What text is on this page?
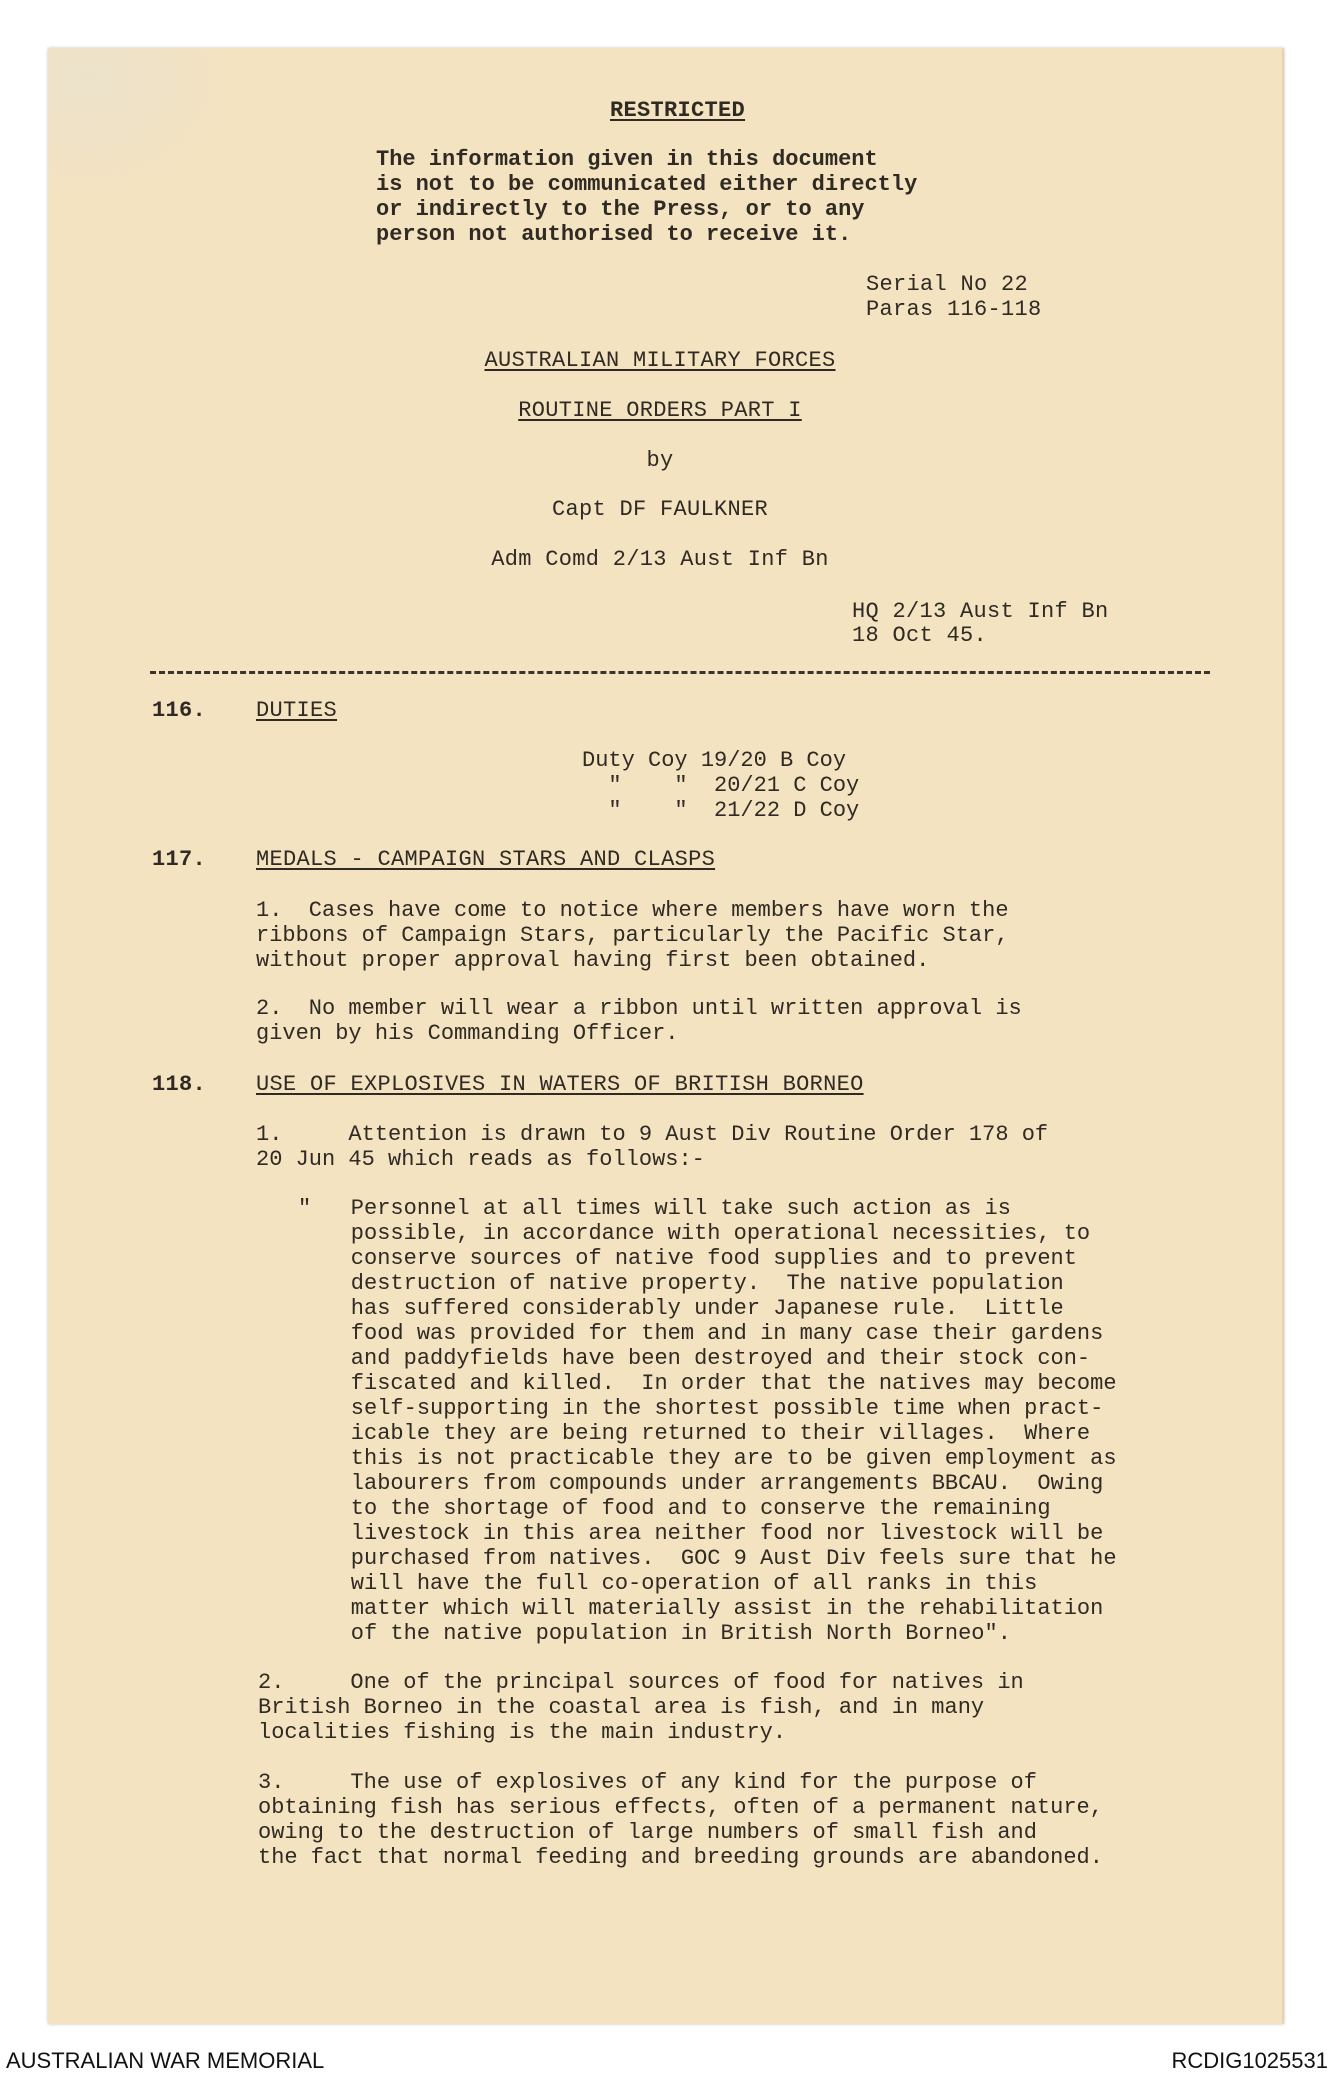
RESTRICTED
The information given in this document
is not to be communicated either directly
or indirectly to the Press, or to any
person not authorised to receive it.
Serial No 22
Paras 116-118
AUSTRALIAN MILITARY FORCES
ROUTINE ORDERS PART I
by
Capt DF FAULKNER
Adm Comd 2/13 Aust Inf Bn
HQ 2/13 Aust Inf Bn
18 Oct 45.
116. DUTIES
Duty Coy 19/20 B Coy
"    "  20/21 C Coy
"    "  21/22 D Coy
117. MEDALS - CAMPAIGN STARS AND CLASPS
1.  Cases have come to notice where members have worn the
ribbons of Campaign Stars, particularly the Pacific Star,
without proper approval having first been obtained.
2.  No member will wear a ribbon until written approval is
given by his Commanding Officer.
118. USE OF EXPLOSIVES IN WATERS OF BRITISH BORNEO
1.     Attention is drawn to 9 Aust Div Routine Order 178 of
20 Jun 45 which reads as follows:-
"   Personnel at all times will take such action as is
possible, in accordance with operational necessities, to
conserve sources of native food supplies and to prevent
destruction of native property.  The native population
has suffered considerably under Japanese rule.  Little
food was provided for them and in many case their gardens
and paddyfields have been destroyed and their stock con-
fiscated and killed.  In order that the natives may become
self-supporting in the shortest possible time when pract-
icable they are being returned to their villages.  Where
this is not practicable they are to be given employment as
labourers from compounds under arrangements BBCAU.  Owing
to the shortage of food and to conserve the remaining
livestock in this area neither food nor livestock will be
purchased from natives.  GOC 9 Aust Div feels sure that he
will have the full co-operation of all ranks in this
matter which will materially assist in the rehabilitation
of the native population in British North Borneo".
2.     One of the principal sources of food for natives in
British Borneo in the coastal area is fish, and in many
localities fishing is the main industry.
3.     The use of explosives of any kind for the purpose of
obtaining fish has serious effects, often of a permanent nature,
owing to the destruction of large numbers of small fish and
the fact that normal feeding and breeding grounds are abandoned.
AUSTRALIAN WAR MEMORIAL	RCDIG1025531
